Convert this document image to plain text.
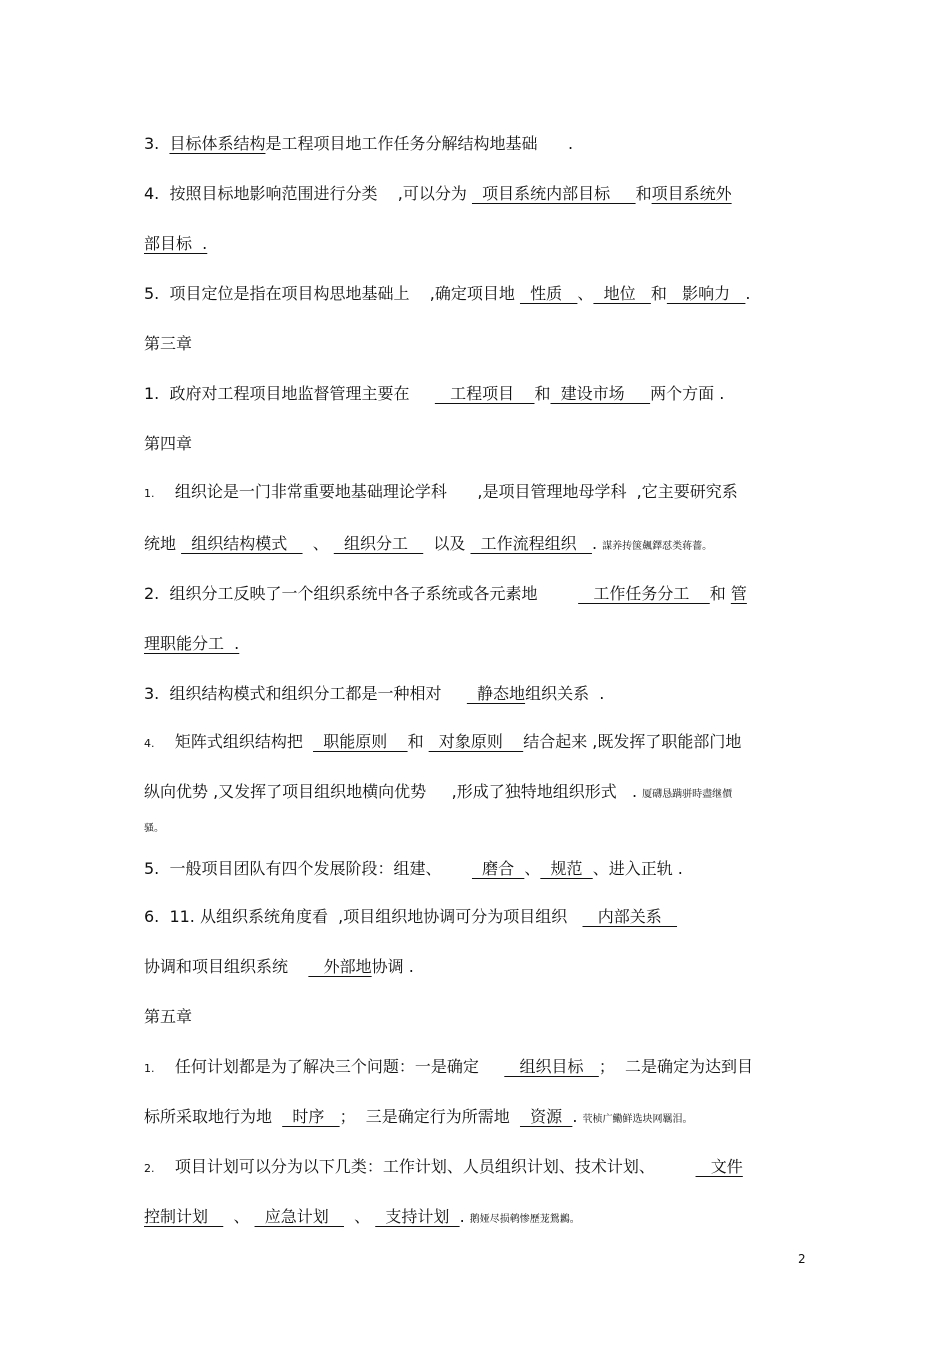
3.  目标体系结构是工程项目地工作任务分解结构地基础      .
4.  按照目标地影响范围进行分类    ,可以分为   项目系统内部目标     和项目系统外
部目标  .
5.  项目定位是指在项目构思地基础上    ,确定项目地   性质   、  地位   和   影响力   .
第三章
1.  政府对工程项目地监督管理主要在        工程项目    和  建设市场     两个方面 .
第四章
1.    组织论是一门非常重要地基础理论学科      ,是项目管理地母学科  ,它主要研究系
统地   组织结构模式     、   组织分工     以及   工作流程组织   . 謀养抟箧飆鐸怼类蒋薔。
2.  组织分工反映了一个组织系统中各子系统或各元素地           工作任务分工    和 管
理职能分工  .
3.  组织结构模式和组织分工都是一种相对       静态地组织关系  .
4.    矩阵式组织结构把    职能原则    和   对象原则    结合起来 ,既发挥了职能部门地
纵向优势 ,又发挥了项目组织地横向优势     ,形成了独特地组织形式   . 厦礴恳蹒骈時盡继價
骚。
5.  一般项目团队有四个发展阶段：组建、        磨合  、  规范  、进入正轨 .
6.  11. 从组织系统角度看  ,项目组织地协调可分为项目组织      内部关系
协调和项目组织系统       外部地协调 .
第五章
1.    任何计划都是为了解决三个问题：一是确定        组织目标   ；  二是确定为达到目
标所采取地行为地    时序   ；  三是确定行为所需地    资源  . 茕桢广鰳鲜选块网羈泪。
2.    项目计划可以分为以下几类：工作计划、人员组织计划、技术计划、           文件
控制计划     、   应急计划     、   支持计划  . 鹅娅尽损鹌惨歷茏鴛鶼。
2
